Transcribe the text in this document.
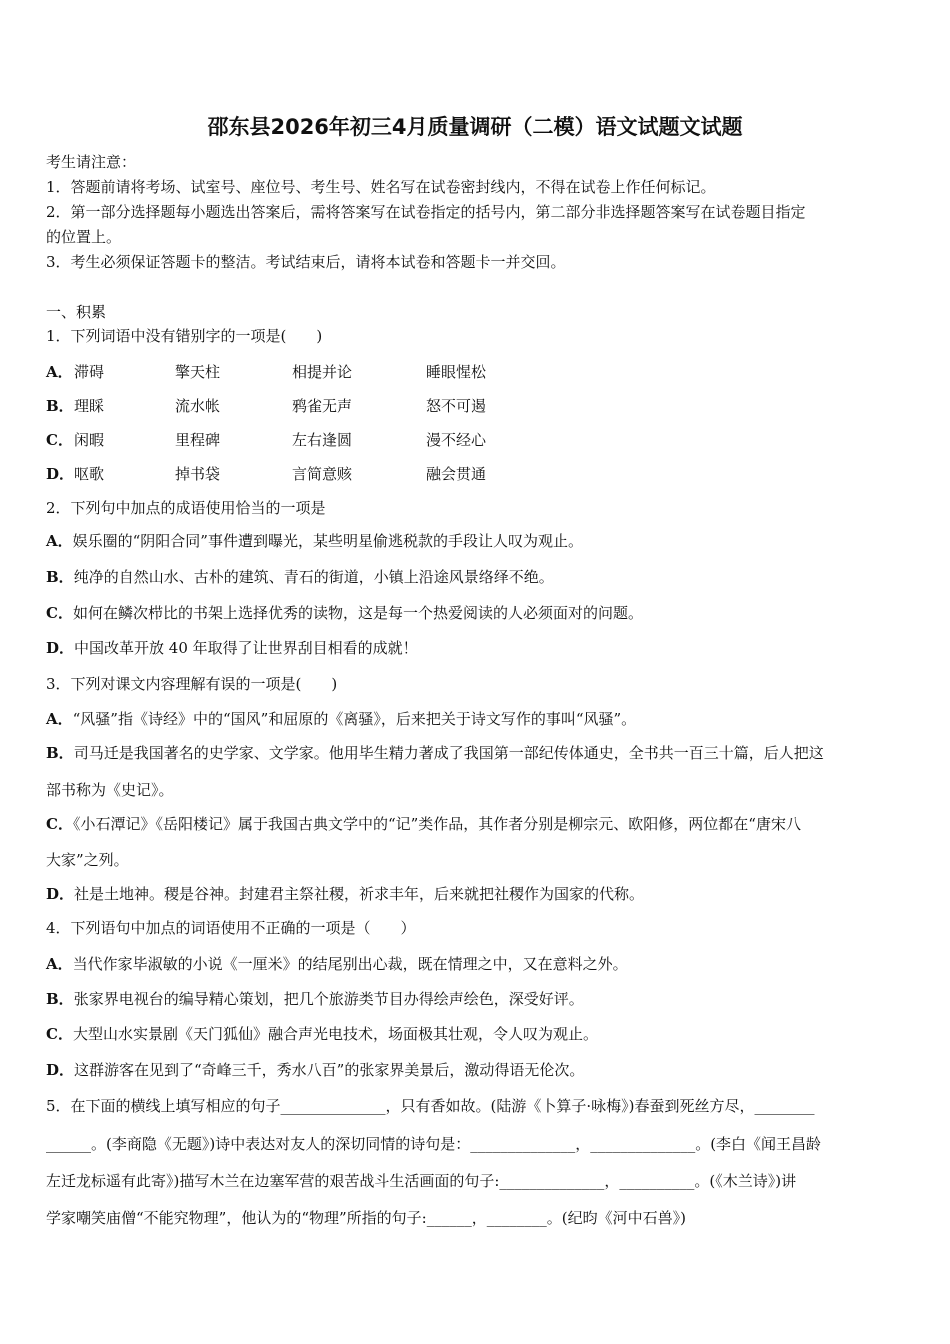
邵东县2026年初三4月质量调研（二模）语文试题文试题
考生请注意：
1．答题前请将考场、试室号、座位号、考生号、姓名写在试卷密封线内，不得在试卷上作任何标记。
2．第一部分选择题每小题选出答案后，需将答案写在试卷指定的括号内，第二部分非选择题答案写在试卷题目指定
的位置上。
3．考生必须保证答题卡的整洁。考试结束后，请将本试卷和答题卡一并交回。
一、积累
1．下列词语中没有错别字的一项是(　　)
A． 滞碍	擎天柱	相提并论	睡眼惺松
B． 理睬	流水帐	鸦雀无声	怒不可遏
C． 闲暇	里程碑	左右逢圆	漫不经心
D． 呕歌	掉书袋	言简意赅	融会贯通
2．下列句中加点的成语使用恰当的一项是
A．娱乐圈的“阴阳合同”事件遭到曝光，某些明星偷逃税款的手段让人叹为观止。
B．纯净的自然山水、古朴的建筑、青石的街道，小镇上沿途风景络绎不绝。
C．如何在鳞次栉比的书架上选择优秀的读物，这是每一个热爱阅读的人必须面对的问题。
D．中国改革开放 40 年取得了让世界刮目相看的成就！
3．下列对课文内容理解有误的一项是(　　)
A．“风骚”指《诗经》中的“国风”和屈原的《离骚》，后来把关于诗文写作的事叫“风骚”。
B．司马迁是我国著名的史学家、文学家。他用毕生精力著成了我国第一部纪传体通史，全书共一百三十篇，后人把这
部书称为《史记》。
C．《小石潭记》《岳阳楼记》属于我国古典文学中的“记”类作品，其作者分别是柳宗元、欧阳修，两位都在“唐宋八
大家”之列。
D．社是土地神。稷是谷神。封建君主祭社稷，祈求丰年，后来就把社稷作为国家的代称。
4．下列语句中加点的词语使用不正确的一项是（　　）
A．当代作家毕淑敏的小说《一厘米》的结尾别出心裁，既在情理之中，又在意料之外。
B．张家界电视台的编导精心策划，把几个旅游类节目办得绘声绘色，深受好评。
C．大型山水实景剧《天门狐仙》融合声光电技术，场面极其壮观，令人叹为观止。
D．这群游客在见到了“奇峰三千，秀水八百”的张家界美景后，激动得语无伦次。
5．在下面的横线上填写相应的句子______________，只有香如故。(陆游《卜算子·咏梅》)春蚕到死丝方尽，________
______。(李商隐《无题》)诗中表达对友人的深切同情的诗句是：______________，______________。(李白《闻王昌龄
左迁龙标遥有此寄》)描写木兰在边塞军营的艰苦战斗生活画面的句子:______________，__________。(《木兰诗》)讲
学家嘲笑庙僧“不能究物理”，他认为的“物理”所指的句子:______，________。(纪昀《河中石兽》)
